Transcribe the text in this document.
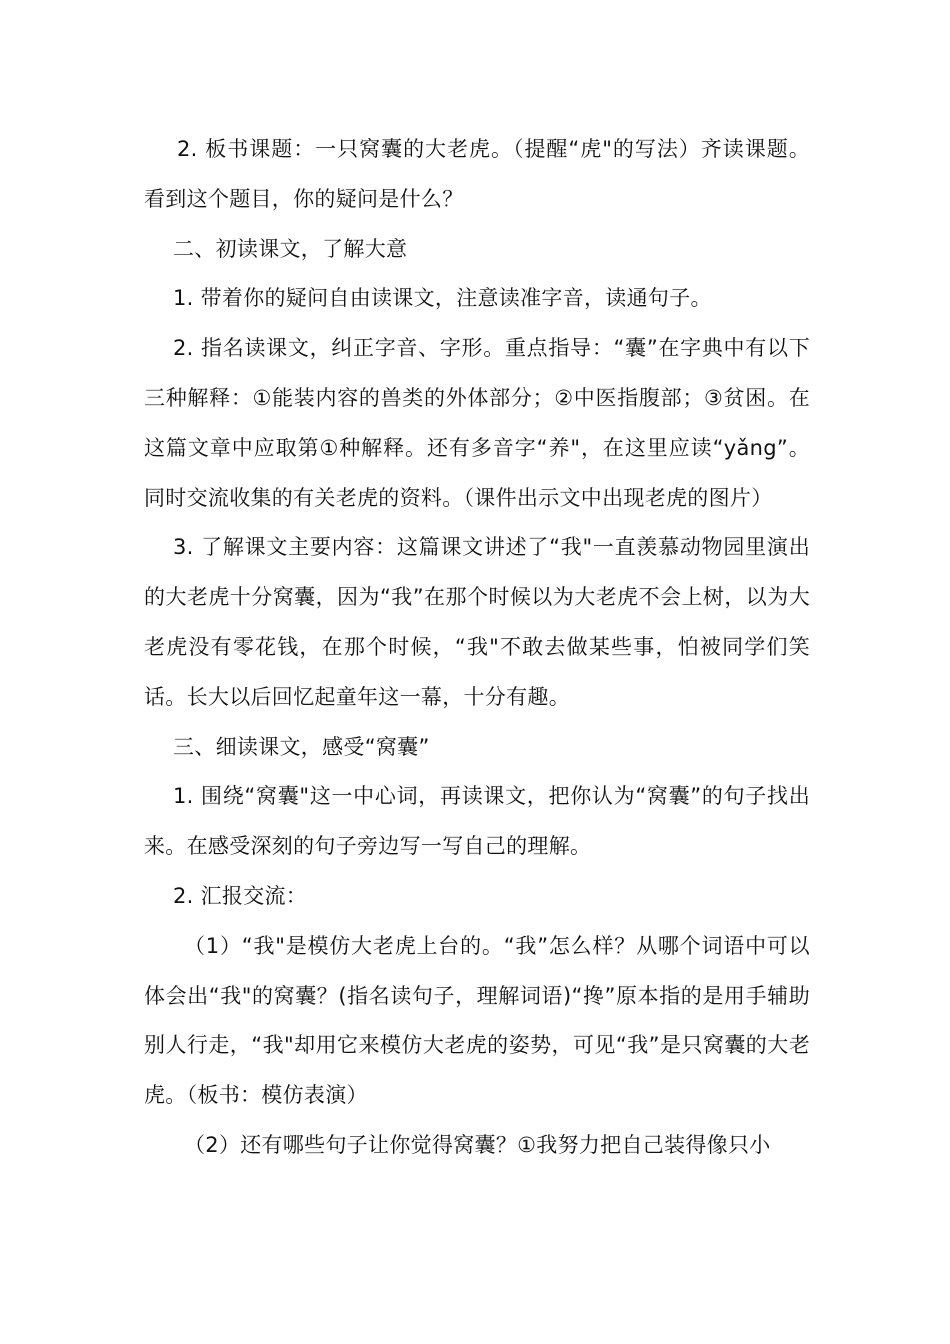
2. 板书课题：一只窝囊的大老虎。（提醒“虎"的写法）齐读课题。看到这个题目，你的疑问是什么？

二、初读课文，了解大意

1. 带着你的疑问自由读课文，注意读准字音，读通句子。

2. 指名读课文，纠正字音、字形。重点指导：“囊”在字典中有以下三种解释：①能装内容的兽类的外体部分；②中医指腹部；③贫困。在这篇文章中应取第①种解释。还有多音字“养"，在这里应读“yǎng”。同时交流收集的有关老虎的资料。（课件出示文中出现老虎的图片）

3. 了解课文主要内容：这篇课文讲述了“我"一直羡慕动物园里演出的大老虎十分窝囊，因为“我”在那个时候以为大老虎不会上树，以为大老虎没有零花钱，在那个时候，“我"不敢去做某些事，怕被同学们笑话。长大以后回忆起童年这一幕，十分有趣。

三、细读课文，感受“窝囊”

1. 围绕“窝囊"这一中心词，再读课文，把你认为“窝囊”的句子找出来。在感受深刻的句子旁边写一写自己的理解。

2. 汇报交流：

（1）“我"是模仿大老虎上台的。“我”怎么样？从哪个词语中可以体会出“我"的窝囊？(指名读句子，理解词语)“搀”原本指的是用手辅助别人行走，“我"却用它来模仿大老虎的姿势，可见“我”是只窝囊的大老虎。（板书：模仿表演）

（2）还有哪些句子让你觉得窝囊？①我努力把自己装得像只小
